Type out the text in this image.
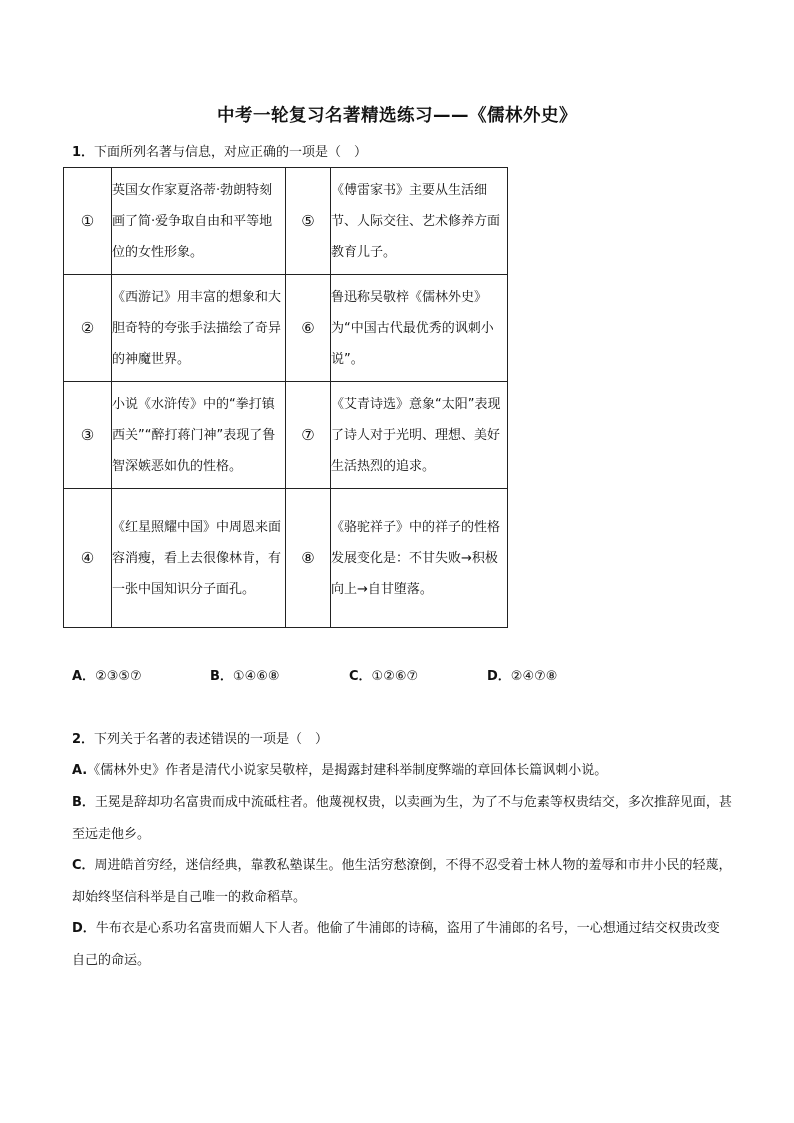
中考一轮复习名著精选练习——《儒林外史》
1．下面所列名著与信息，对应正确的一项是（　）
①	英国女作家夏洛蒂·勃朗特刻画了简·爱争取自由和平等地位的女性形象。	⑤	《傅雷家书》主要从生活细节、人际交往、艺术修养方面教育儿子。
②	《西游记》用丰富的想象和大胆奇特的夸张手法描绘了奇异的神魔世界。	⑥	鲁迅称吴敬梓《儒林外史》为“中国古代最优秀的讽刺小说”。
③	小说《水浒传》中的“拳打镇西关”“醉打蒋门神”表现了鲁智深嫉恶如仇的性格。	⑦	《艾青诗选》意象“太阳”表现了诗人对于光明、理想、美好生活热烈的追求。
④	《红星照耀中国》中周恩来面容消瘦，看上去很像林肯，有一张中国知识分子面孔。	⑧	《骆驼祥子》中的祥子的性格发展变化是：不甘失败→积极向上→自甘堕落。
A．②③⑤⑦	B．①④⑥⑧	C．①②⑥⑦	D．②④⑦⑧
2．下列关于名著的表述错误的一项是（　）
A.《儒林外史》作者是清代小说家吴敬梓，是揭露封建科举制度弊端的章回体长篇讽刺小说。
B．王冕是辞却功名富贵而成中流砥柱者。他蔑视权贵，以卖画为生，为了不与危素等权贵结交，多次推辞见面，甚至远走他乡。
C．周进皓首穷经，迷信经典，靠教私塾谋生。他生活穷愁潦倒，不得不忍受着士林人物的羞辱和市井小民的轻蔑，却始终坚信科举是自己唯一的救命稻草。
D．牛布衣是心系功名富贵而媚人下人者。他偷了牛浦郎的诗稿，盗用了牛浦郎的名号，一心想通过结交权贵改变自己的命运。
